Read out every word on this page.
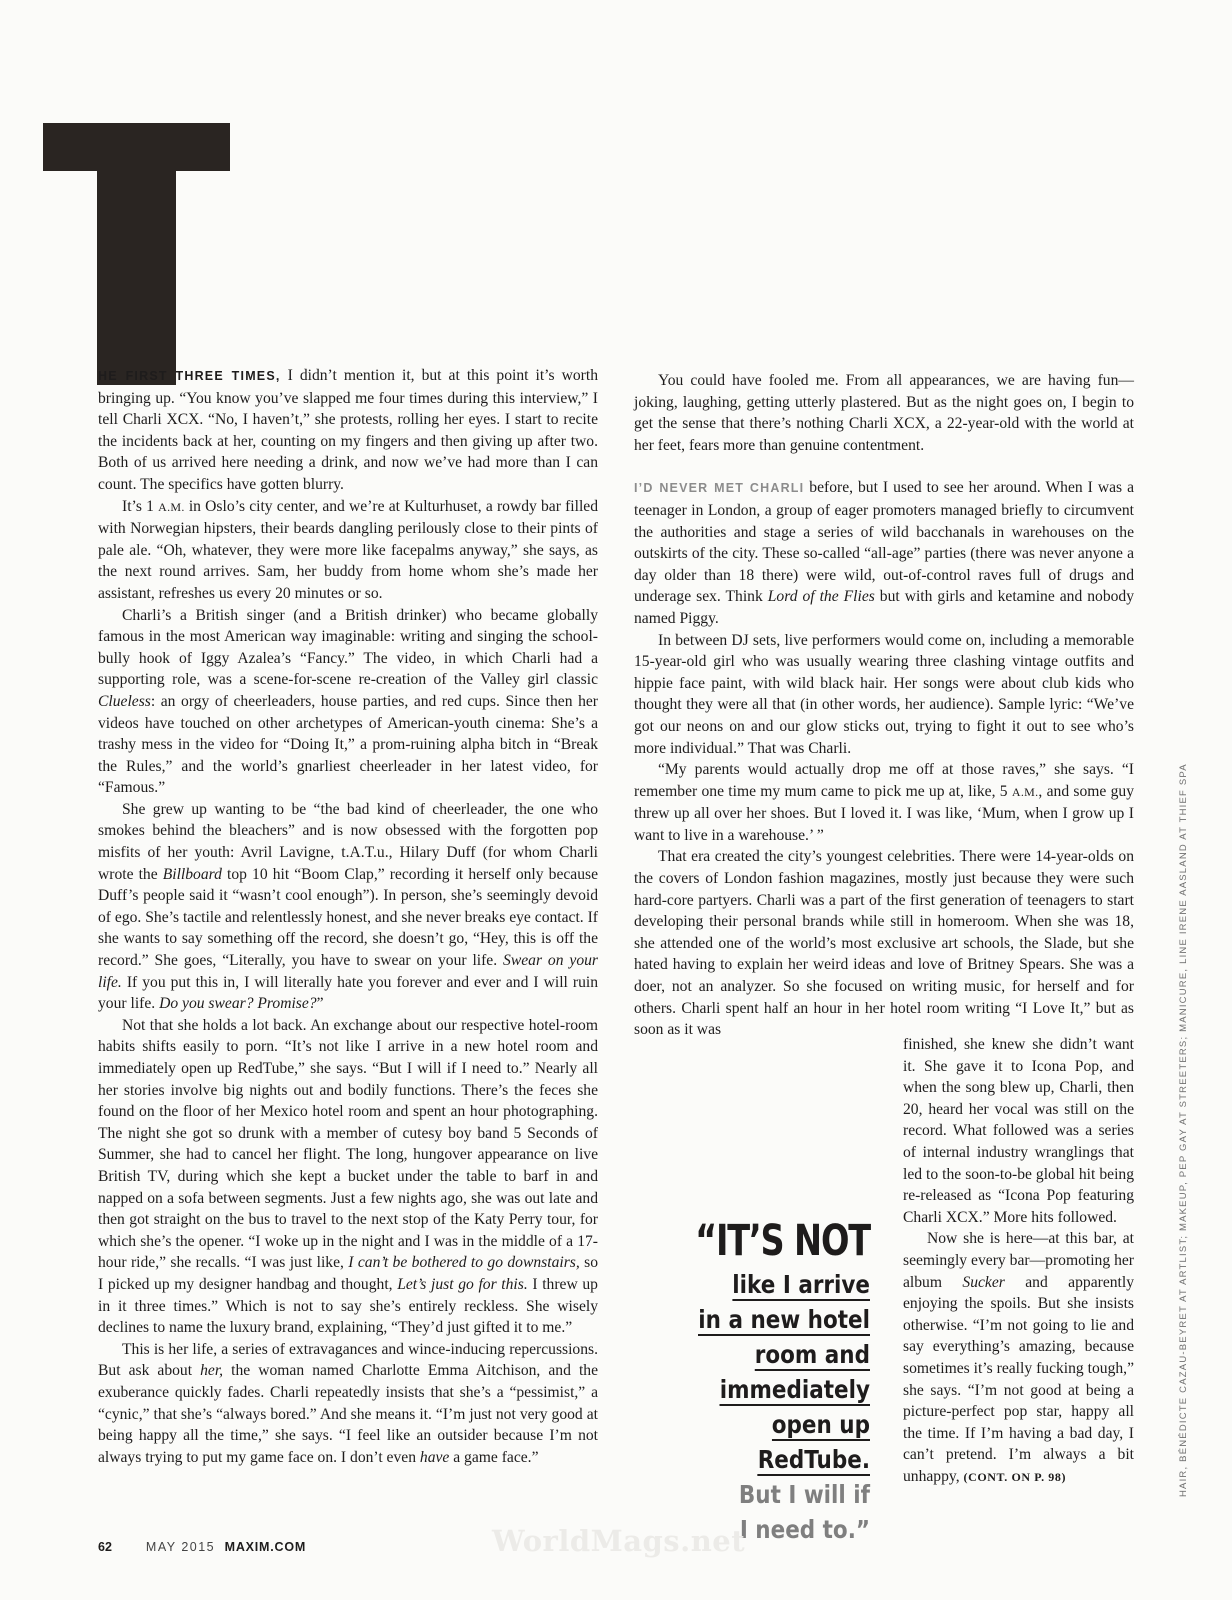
HE FIRST THREE TIMES, I didn’t mention it, but at this point it’s worth bringing up. “You know you’ve slapped me four times during this interview,” I tell Charli XCX. “No, I haven’t,” she protests, rolling her eyes. I start to recite the incidents back at her, counting on my fingers and then giving up after two. Both of us arrived here needing a drink, and now we’ve had more than I can count. The specifics have gotten blurry.

It’s 1 A.M. in Oslo’s city center, and we’re at Kulturhuset, a rowdy bar filled with Norwegian hipsters, their beards dangling perilously close to their pints of pale ale. “Oh, whatever, they were more like facepalms anyway,” she says, as the next round arrives. Sam, her buddy from home whom she’s made her assistant, refreshes us every 20 minutes or so.

Charli’s a British singer (and a British drinker) who became globally famous in the most American way imaginable: writing and singing the school-bully hook of Iggy Azalea’s “Fancy.” The video, in which Charli had a supporting role, was a scene-for-scene re-creation of the Valley girl classic Clueless: an orgy of cheerleaders, house parties, and red cups. Since then her videos have touched on other archetypes of American-youth cinema: She’s a trashy mess in the video for “Doing It,” a prom-ruining alpha bitch in “Break the Rules,” and the world’s gnarliest cheerleader in her latest video, for “Famous.”

She grew up wanting to be “the bad kind of cheerleader, the one who smokes behind the bleachers” and is now obsessed with the forgotten pop misfits of her youth: Avril Lavigne, t.A.T.u., Hilary Duff (for whom Charli wrote the Billboard top 10 hit “Boom Clap,” recording it herself only because Duff’s people said it “wasn’t cool enough”). In person, she’s seemingly devoid of ego. She’s tactile and relentlessly honest, and she never breaks eye contact. If she wants to say something off the record, she doesn’t go, “Hey, this is off the record.” She goes, “Literally, you have to swear on your life. Swear on your life. If you put this in, I will literally hate you forever and ever and I will ruin your life. Do you swear? Promise?”

Not that she holds a lot back. An exchange about our respective hotel-room habits shifts easily to porn. “It’s not like I arrive in a new hotel room and immediately open up RedTube,” she says. “But I will if I need to.” Nearly all her stories involve big nights out and bodily functions. There’s the feces she found on the floor of her Mexico hotel room and spent an hour photographing. The night she got so drunk with a member of cutesy boy band 5 Seconds of Summer, she had to cancel her flight. The long, hungover appearance on live British TV, during which she kept a bucket under the table to barf in and napped on a sofa between segments. Just a few nights ago, she was out late and then got straight on the bus to travel to the next stop of the Katy Perry tour, for which she’s the opener. “I woke up in the night and I was in the middle of a 17-hour ride,” she recalls. “I was just like, I can’t be bothered to go downstairs, so I picked up my designer handbag and thought, Let’s just go for this. I threw up in it three times.” Which is not to say she’s entirely reckless. She wisely declines to name the luxury brand, explaining, “They’d just gifted it to me.”

This is her life, a series of extravagances and wince-inducing repercussions. But ask about her, the woman named Charlotte Emma Aitchison, and the exuberance quickly fades. Charli repeatedly insists that she’s a “pessimist,” a “cynic,” that she’s “always bored.” And she means it. “I’m just not very good at being happy all the time,” she says. “I feel like an outsider because I’m not always trying to put my game face on. I don’t even have a game face.”

You could have fooled me. From all appearances, we are having fun—joking, laughing, getting utterly plastered. But as the night goes on, I begin to get the sense that there’s nothing Charli XCX, a 22-year-old with the world at her feet, fears more than genuine contentment.

I’D NEVER MET CHARLI before, but I used to see her around. When I was a teenager in London, a group of eager promoters managed briefly to circumvent the authorities and stage a series of wild bacchanals in warehouses on the outskirts of the city. These so-called “all-age” parties (there was never anyone a day older than 18 there) were wild, out-of-control raves full of drugs and underage sex. Think Lord of the Flies but with girls and ketamine and nobody named Piggy.

In between DJ sets, live performers would come on, including a memorable 15-year-old girl who was usually wearing three clashing vintage outfits and hippie face paint, with wild black hair. Her songs were about club kids who thought they were all that (in other words, her audience). Sample lyric: “We’ve got our neons on and our glow sticks out, trying to fight it out to see who’s more individual.” That was Charli.

“My parents would actually drop me off at those raves,” she says. “I remember one time my mum came to pick me up at, like, 5 A.M., and some guy threw up all over her shoes. But I loved it. I was like, ‘Mum, when I grow up I want to live in a warehouse.’ ”

That era created the city’s youngest celebrities. There were 14-year-olds on the covers of London fashion magazines, mostly just because they were such hard-core partyers. Charli was a part of the first generation of teenagers to start developing their personal brands while still in homeroom. When she was 18, she attended one of the world’s most exclusive art schools, the Slade, but she hated having to explain her weird ideas and love of Britney Spears. She was a doer, not an analyzer. So she focused on writing music, for herself and for others. Charli spent half an hour in her hotel room writing “I Love It,” but as soon as it was

finished, she knew she didn’t want it. She gave it to Icona Pop, and when the song blew up, Charli, then 20, heard her vocal was still on the record. What followed was a series of internal industry wranglings that led to the soon-to-be global hit being re-released as “Icona Pop featuring Charli XCX.” More hits followed.

Now she is here—at this bar, at seemingly every bar—promoting her album Sucker and apparently enjoying the spoils. But she insists otherwise. “I’m not going to lie and say everything’s amazing, because sometimes it’s really fucking tough,” she says. “I’m not good at being a picture-perfect pop star, happy all the time. If I’m having a bad day, I can’t pretend. I’m always a bit unhappy, (CONT. ON P. 98)

“IT’S NOT
like I arrive
in a new hotel
room and
immediately
open up RedTube.
But I will if
I need to.”
HAIR, BÉNÉDICTE CAZAU-BEYRET AT ARTLIST; MAKEUP, PEP GAY AT STREETERS; MANICURE, LINE IRENE AASLAND AT THIEF SPA
WorldMags.net
62	MAY 2015 MAXIM.COM
